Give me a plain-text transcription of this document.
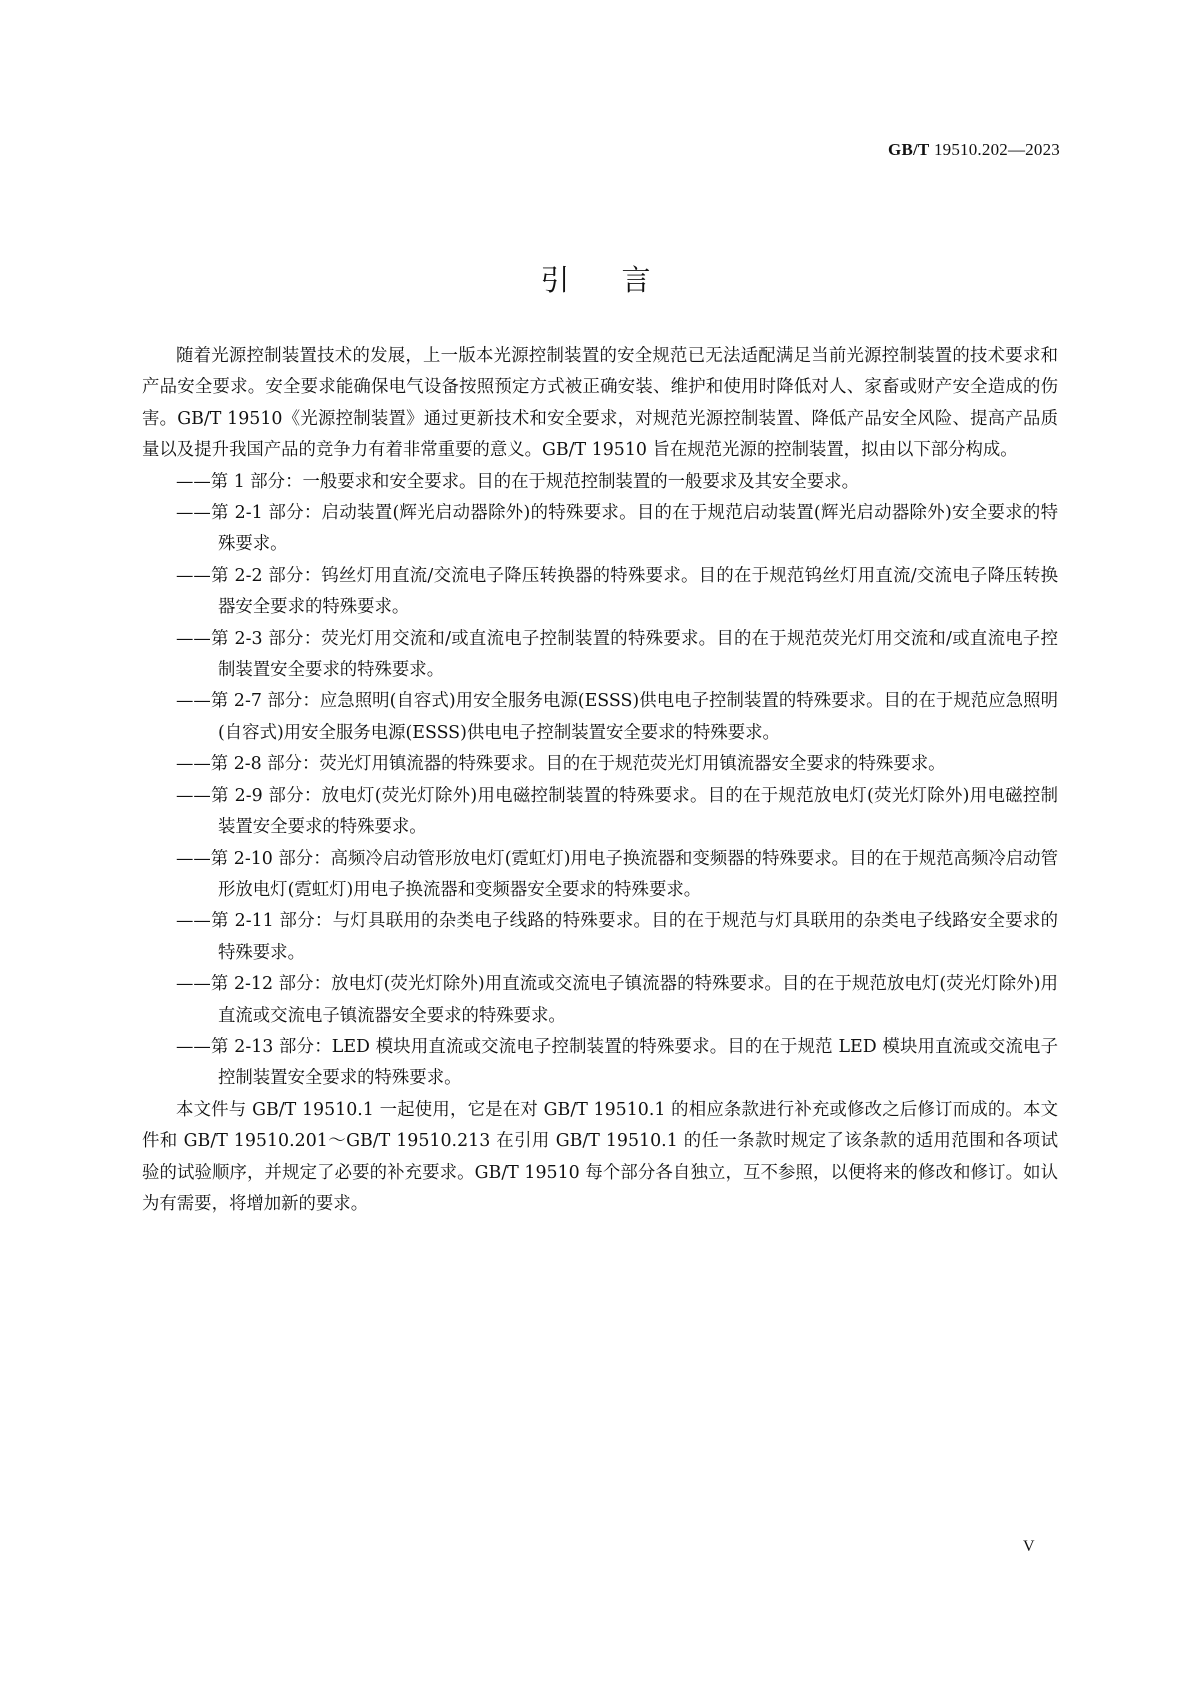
GB/T 19510.202—2023
引言

随着光源控制装置技术的发展，上一版本光源控制装置的安全规范已无法适配满足当前光源控制装置的技术要求和产品安全要求。安全要求能确保电气设备按照预定方式被正确安装、维护和使用时降低对人、家畜或财产安全造成的伤害。GB/T 19510《光源控制装置》通过更新技术和安全要求，对规范光源控制装置、降低产品安全风险、提高产品质量以及提升我国产品的竞争力有着非常重要的意义。GB/T 19510 旨在规范光源的控制装置，拟由以下部分构成。

——第 1 部分：一般要求和安全要求。目的在于规范控制装置的一般要求及其安全要求。

——第 2-1 部分：启动装置(辉光启动器除外)的特殊要求。目的在于规范启动装置(辉光启动器除外)安全要求的特殊要求。

——第 2-2 部分：钨丝灯用直流/交流电子降压转换器的特殊要求。目的在于规范钨丝灯用直流/交流电子降压转换器安全要求的特殊要求。

——第 2-3 部分：荧光灯用交流和/或直流电子控制装置的特殊要求。目的在于规范荧光灯用交流和/或直流电子控制装置安全要求的特殊要求。

——第 2-7 部分：应急照明(自容式)用安全服务电源(ESSS)供电电子控制装置的特殊要求。目的在于规范应急照明(自容式)用安全服务电源(ESSS)供电电子控制装置安全要求的特殊要求。

——第 2-8 部分：荧光灯用镇流器的特殊要求。目的在于规范荧光灯用镇流器安全要求的特殊要求。

——第 2-9 部分：放电灯(荧光灯除外)用电磁控制装置的特殊要求。目的在于规范放电灯(荧光灯除外)用电磁控制装置安全要求的特殊要求。

——第 2-10 部分：高频冷启动管形放电灯(霓虹灯)用电子换流器和变频器的特殊要求。目的在于规范高频冷启动管形放电灯(霓虹灯)用电子换流器和变频器安全要求的特殊要求。

——第 2-11 部分：与灯具联用的杂类电子线路的特殊要求。目的在于规范与灯具联用的杂类电子线路安全要求的特殊要求。

——第 2-12 部分：放电灯(荧光灯除外)用直流或交流电子镇流器的特殊要求。目的在于规范放电灯(荧光灯除外)用直流或交流电子镇流器安全要求的特殊要求。

——第 2-13 部分：LED 模块用直流或交流电子控制装置的特殊要求。目的在于规范 LED 模块用直流或交流电子控制装置安全要求的特殊要求。

本文件与 GB/T 19510.1 一起使用，它是在对 GB/T 19510.1 的相应条款进行补充或修改之后修订而成的。本文件和 GB/T 19510.201～GB/T 19510.213 在引用 GB/T 19510.1 的任一条款时规定了该条款的适用范围和各项试验的试验顺序，并规定了必要的补充要求。GB/T 19510 每个部分各自独立，互不参照，以便将来的修改和修订。如认为有需要，将增加新的要求。

V
